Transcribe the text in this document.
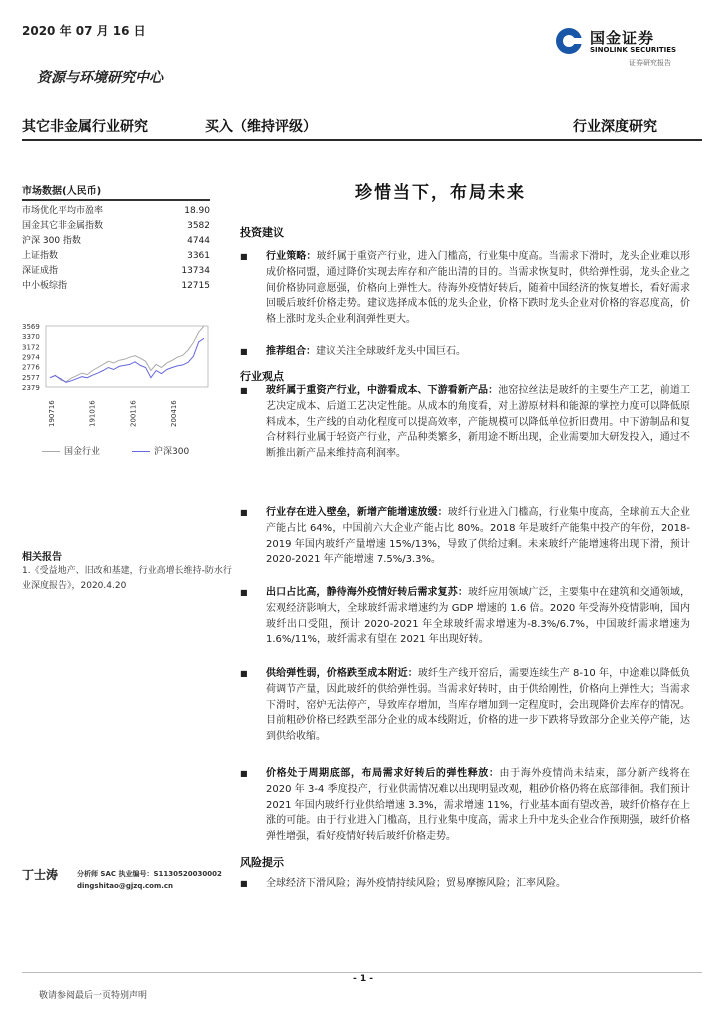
2020 年 07 月 16 日	国金证券
SINOLINK SECURITIES
证券研究报告
资源与环境研究中心
其它非金属行业研究	买入（维持评级）	行业深度研究
市场数据(人民币)
市场优化平均市盈率	18.90
国金其它非金属指数	3582
沪深 300 指数	4744
上证指数	3361
深证成指	13734
中小板综指	12715
3569
3370
3172
2974
2776
2577
2379
190716	191016	200116	200416
国金行业	沪深300
相关报告
1.《受益地产、旧改和基建，行业高增长维持-防水行业深度报告》，2020.4.20
丁士涛	分析师 SAC 执业编号：S1130520030002
dingshitao@gjzq.com.cn
珍惜当下，布局未来
投资建议
■ 行业策略：玻纤属于重资产行业，进入门槛高，行业集中度高。当需求下滑时，龙头企业难以形成价格同盟，通过降价实现去库存和产能出清的目的。当需求恢复时，供给弹性弱，龙头企业之间价格协同意愿强，价格向上弹性大。待海外疫情好转后，随着中国经济的恢复增长，看好需求回暖后玻纤价格走势。建议选择成本低的龙头企业，价格下跌时龙头企业对价格的容忍度高，价格上涨时龙头企业利润弹性更大。
■ 推荐组合：建议关注全球玻纤龙头中国巨石。
行业观点
■ 玻纤属于重资产行业，中游看成本、下游看新产品：池窑拉丝法是玻纤的主要生产工艺，前道工艺决定成本、后道工艺决定性能。从成本的角度看，对上游原材料和能源的掌控力度可以降低原料成本，生产线的自动化程度可以提高效率，产能规模可以降低单位折旧费用。中下游制品和复合材料行业属于轻资产行业，产品种类繁多，新用途不断出现，企业需要加大研发投入，通过不断推出新产品来维持高利润率。
■ 行业存在进入壁垒，新增产能增速放缓：玻纤行业进入门槛高，行业集中度高，全球前五大企业产能占比 64%，中国前六大企业产能占比 80%。2018 年是玻纤产能集中投产的年份，2018-2019 年国内玻纤产量增速 15%/13%，导致了供给过剩。未来玻纤产能增速将出现下滑，预计 2020-2021 年产能增速 7.5%/3.3%。
■ 出口占比高，静待海外疫情好转后需求复苏：玻纤应用领域广泛，主要集中在建筑和交通领域，宏观经济影响大，全球玻纤需求增速约为 GDP 增速的 1.6 倍。2020 年受海外疫情影响，国内玻纤出口受阻，预计 2020-2021 年全球玻纤需求增速为-8.3%/6.7%，中国玻纤需求增速为 1.6%/11%，玻纤需求有望在 2021 年出现好转。
■ 供给弹性弱，价格跌至成本附近：玻纤生产线开窑后，需要连续生产 8-10 年，中途难以降低负荷调节产量，因此玻纤的供给弹性弱。当需求好转时，由于供给刚性，价格向上弹性大；当需求下滑时，窑炉无法停产，导致库存增加，当库存增加到一定程度时，会出现降价去库存的情况。目前粗砂价格已经跌至部分企业的成本线附近，价格的进一步下跌将导致部分企业关停产能，达到供给收缩。
■ 价格处于周期底部，布局需求好转后的弹性释放：由于海外疫情尚未结束，部分新产线将在 2020 年 3-4 季度投产，行业供需情况难以出现明显改观，粗砂价格仍将在底部徘徊。我们预计 2021 年国内玻纤行业供给增速 3.3%，需求增速 11%，行业基本面有望改善，玻纤价格存在上涨的可能。由于行业进入门槛高，且行业集中度高，需求上升中龙头企业合作预期强，玻纤价格弹性增强，看好疫情好转后玻纤价格走势。
风险提示
■ 全球经济下滑风险；海外疫情持续风险；贸易摩擦风险；汇率风险。
- 1 -
敬请参阅最后一页特别声明
